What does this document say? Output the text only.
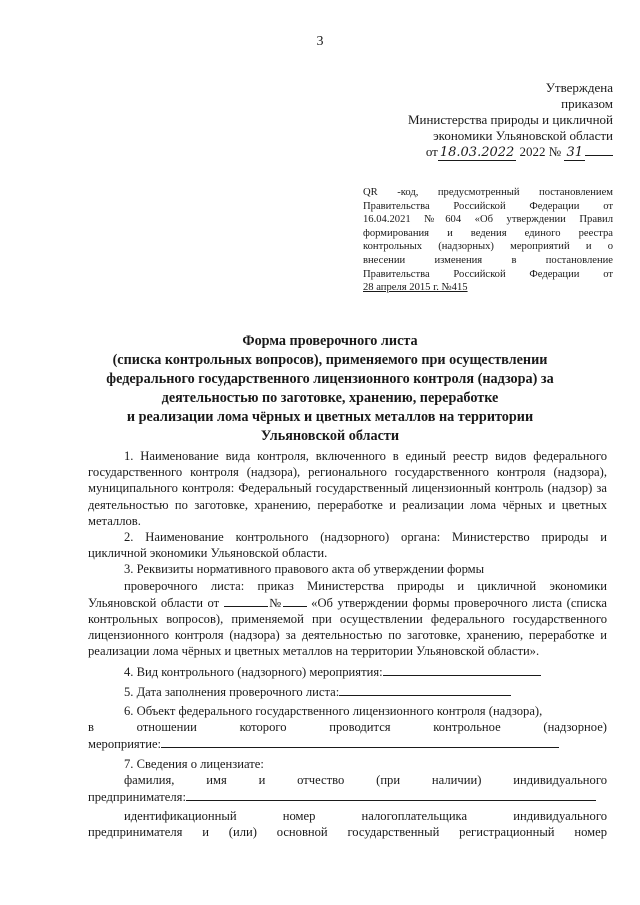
3
Утверждена
приказом
Министерства природы и цикличной
экономики Ульяновской области
от 18.03.2022 2022 № 31
QR -код, предусмотренный постановлением
Правительства Российской Федерации от
16.04.2021 №604 «Об утверждении Правил
формирования и ведения единого реестра
контрольных (надзорных) мероприятий и о
внесении изменения в постановление
Правительства Российской Федерации от
28 апреля 2015 г. №415
Форма проверочного листа
(списка контрольных вопросов), применяемого при осуществлении
федерального государственного лицензионного контроля (надзора) за
деятельностью по заготовке, хранению, переработке
и реализации лома чёрных и цветных металлов на территории
Ульяновской области

1. Наименование вида контроля, включенного в единый реестр видов федерального государственного контроля (надзора), регионального государственного контроля (надзора), муниципального контроля: Федеральный государственный лицензионный контроль (надзор) за деятельностью по заготовке, хранению, переработке и реализации лома чёрных и цветных металлов.

2. Наименование контрольного (надзорного) органа: Министерство природы и цикличной экономики Ульяновской области.

3. Реквизиты нормативного правового акта об утверждении формы

проверочного листа: приказ Министерства природы и цикличной экономики Ульяновской области от	№ «Об утверждении формы проверочного листа (списка контрольных вопросов), применяемой при осуществлении федерального государственного лицензионного контроля (надзора) за деятельностью по заготовке, хранению, переработке и реализации лома чёрных и цветных металлов на территории Ульяновской области».

4. Вид контрольного (надзорного) мероприятия:

5. Дата заполнения проверочного листа:

6. Объект федерального государственного лицензионного контроля (надзора),

в отношении которого проводится контрольное (надзорное)

мероприятие:

7. Сведения о лицензиате:

фамилия, имя и отчество (при наличии) индивидуального

предпринимателя:

идентификационный номер налогоплательщика индивидуального
предпринимателя и (или) основной государственный регистрационный номер
